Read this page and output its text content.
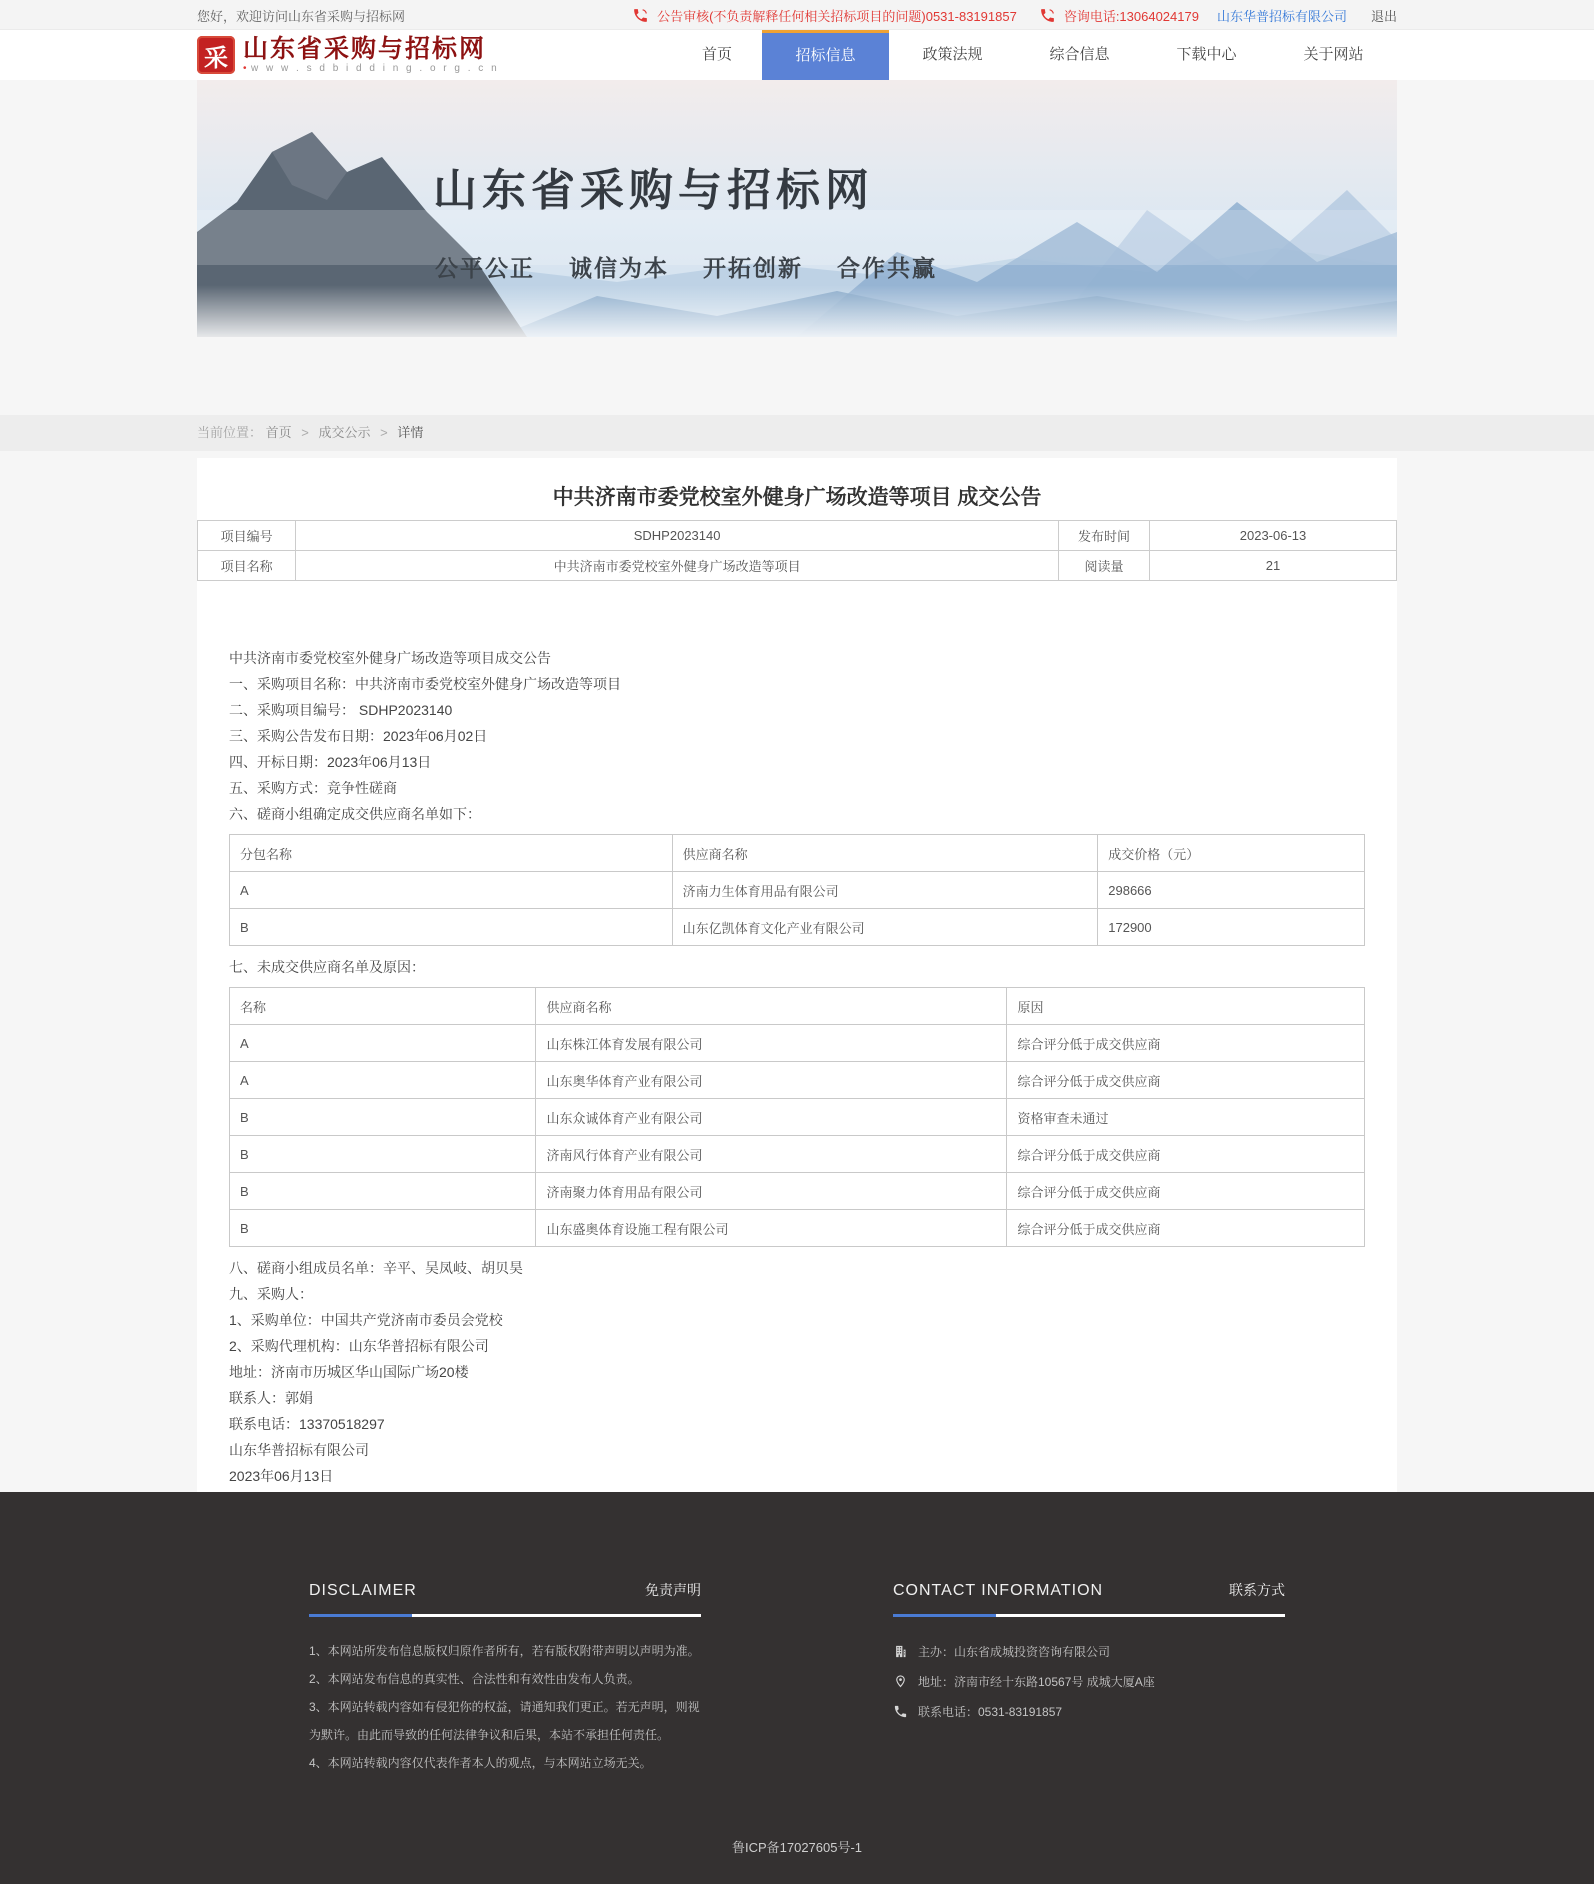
您好，欢迎访问山东省采购与招标网	公告审核(不负责解释任何相关招标项目的问题)0531-83191857	咨询电话:13064024179 山东华普招标有限公司 退出
采 山东省采购与招标网
• w w w . s d b i d d i n g . o r g . c n
首页	招标信息	政策法规	综合信息	下载中心	关于网站
山东省采购与招标网
公平公正 诚信为本 开拓创新 合作共赢
当前位置： 首页 > 成交公示 > 详情
中共济南市委党校室外健身广场改造等项目 成交公告
项目编号	SDHP2023140	发布时间	2023-06-13
项目名称	中共济南市委党校室外健身广场改造等项目	阅读量	21

中共济南市委党校室外健身广场改造等项目成交公告

一、采购项目名称：中共济南市委党校室外健身广场改造等项目

二、采购项目编号： SDHP2023140

三、采购公告发布日期：2023年06月02日

四、开标日期：2023年06月13日

五、采购方式：竞争性磋商

六、磋商小组确定成交供应商名单如下：

分包名称	供应商名称	成交价格（元）
A	济南力生体育用品有限公司	298666
B	山东亿凯体育文化产业有限公司	172900

七、未成交供应商名单及原因：

名称	供应商名称	原因
A	山东株江体育发展有限公司	综合评分低于成交供应商
A	山东奥华体育产业有限公司	综合评分低于成交供应商
B	山东众诚体育产业有限公司	资格审查未通过
B	济南风行体育产业有限公司	综合评分低于成交供应商
B	济南聚力体育用品有限公司	综合评分低于成交供应商
B	山东盛奥体育设施工程有限公司	综合评分低于成交供应商

八、磋商小组成员名单：辛平、吴凤岐、胡贝昊

九、采购人：

1、采购单位：中国共产党济南市委员会党校

2、采购代理机构：山东华普招标有限公司

地址：济南市历城区华山国际广场20楼

联系人：郭娟

联系电话：13370518297

山东华普招标有限公司

2023年06月13日

DISCLAIMER	免责声明

1、本网站所发布信息版权归原作者所有，若有版权附带声明以声明为准。

2、本网站发布信息的真实性、合法性和有效性由发布人负责。

3、本网站转载内容如有侵犯你的权益，请通知我们更正。若无声明，则视为默许。由此而导致的任何法律争议和后果，本站不承担任何责任。

4、本网站转载内容仅代表作者本人的观点，与本网站立场无关。

CONTACT INFORMATION	联系方式
主办：山东省成城投资咨询有限公司
地址：济南市经十东路10567号 成城大厦A座
联系电话：0531-83191857
鲁ICP备17027605号-1
